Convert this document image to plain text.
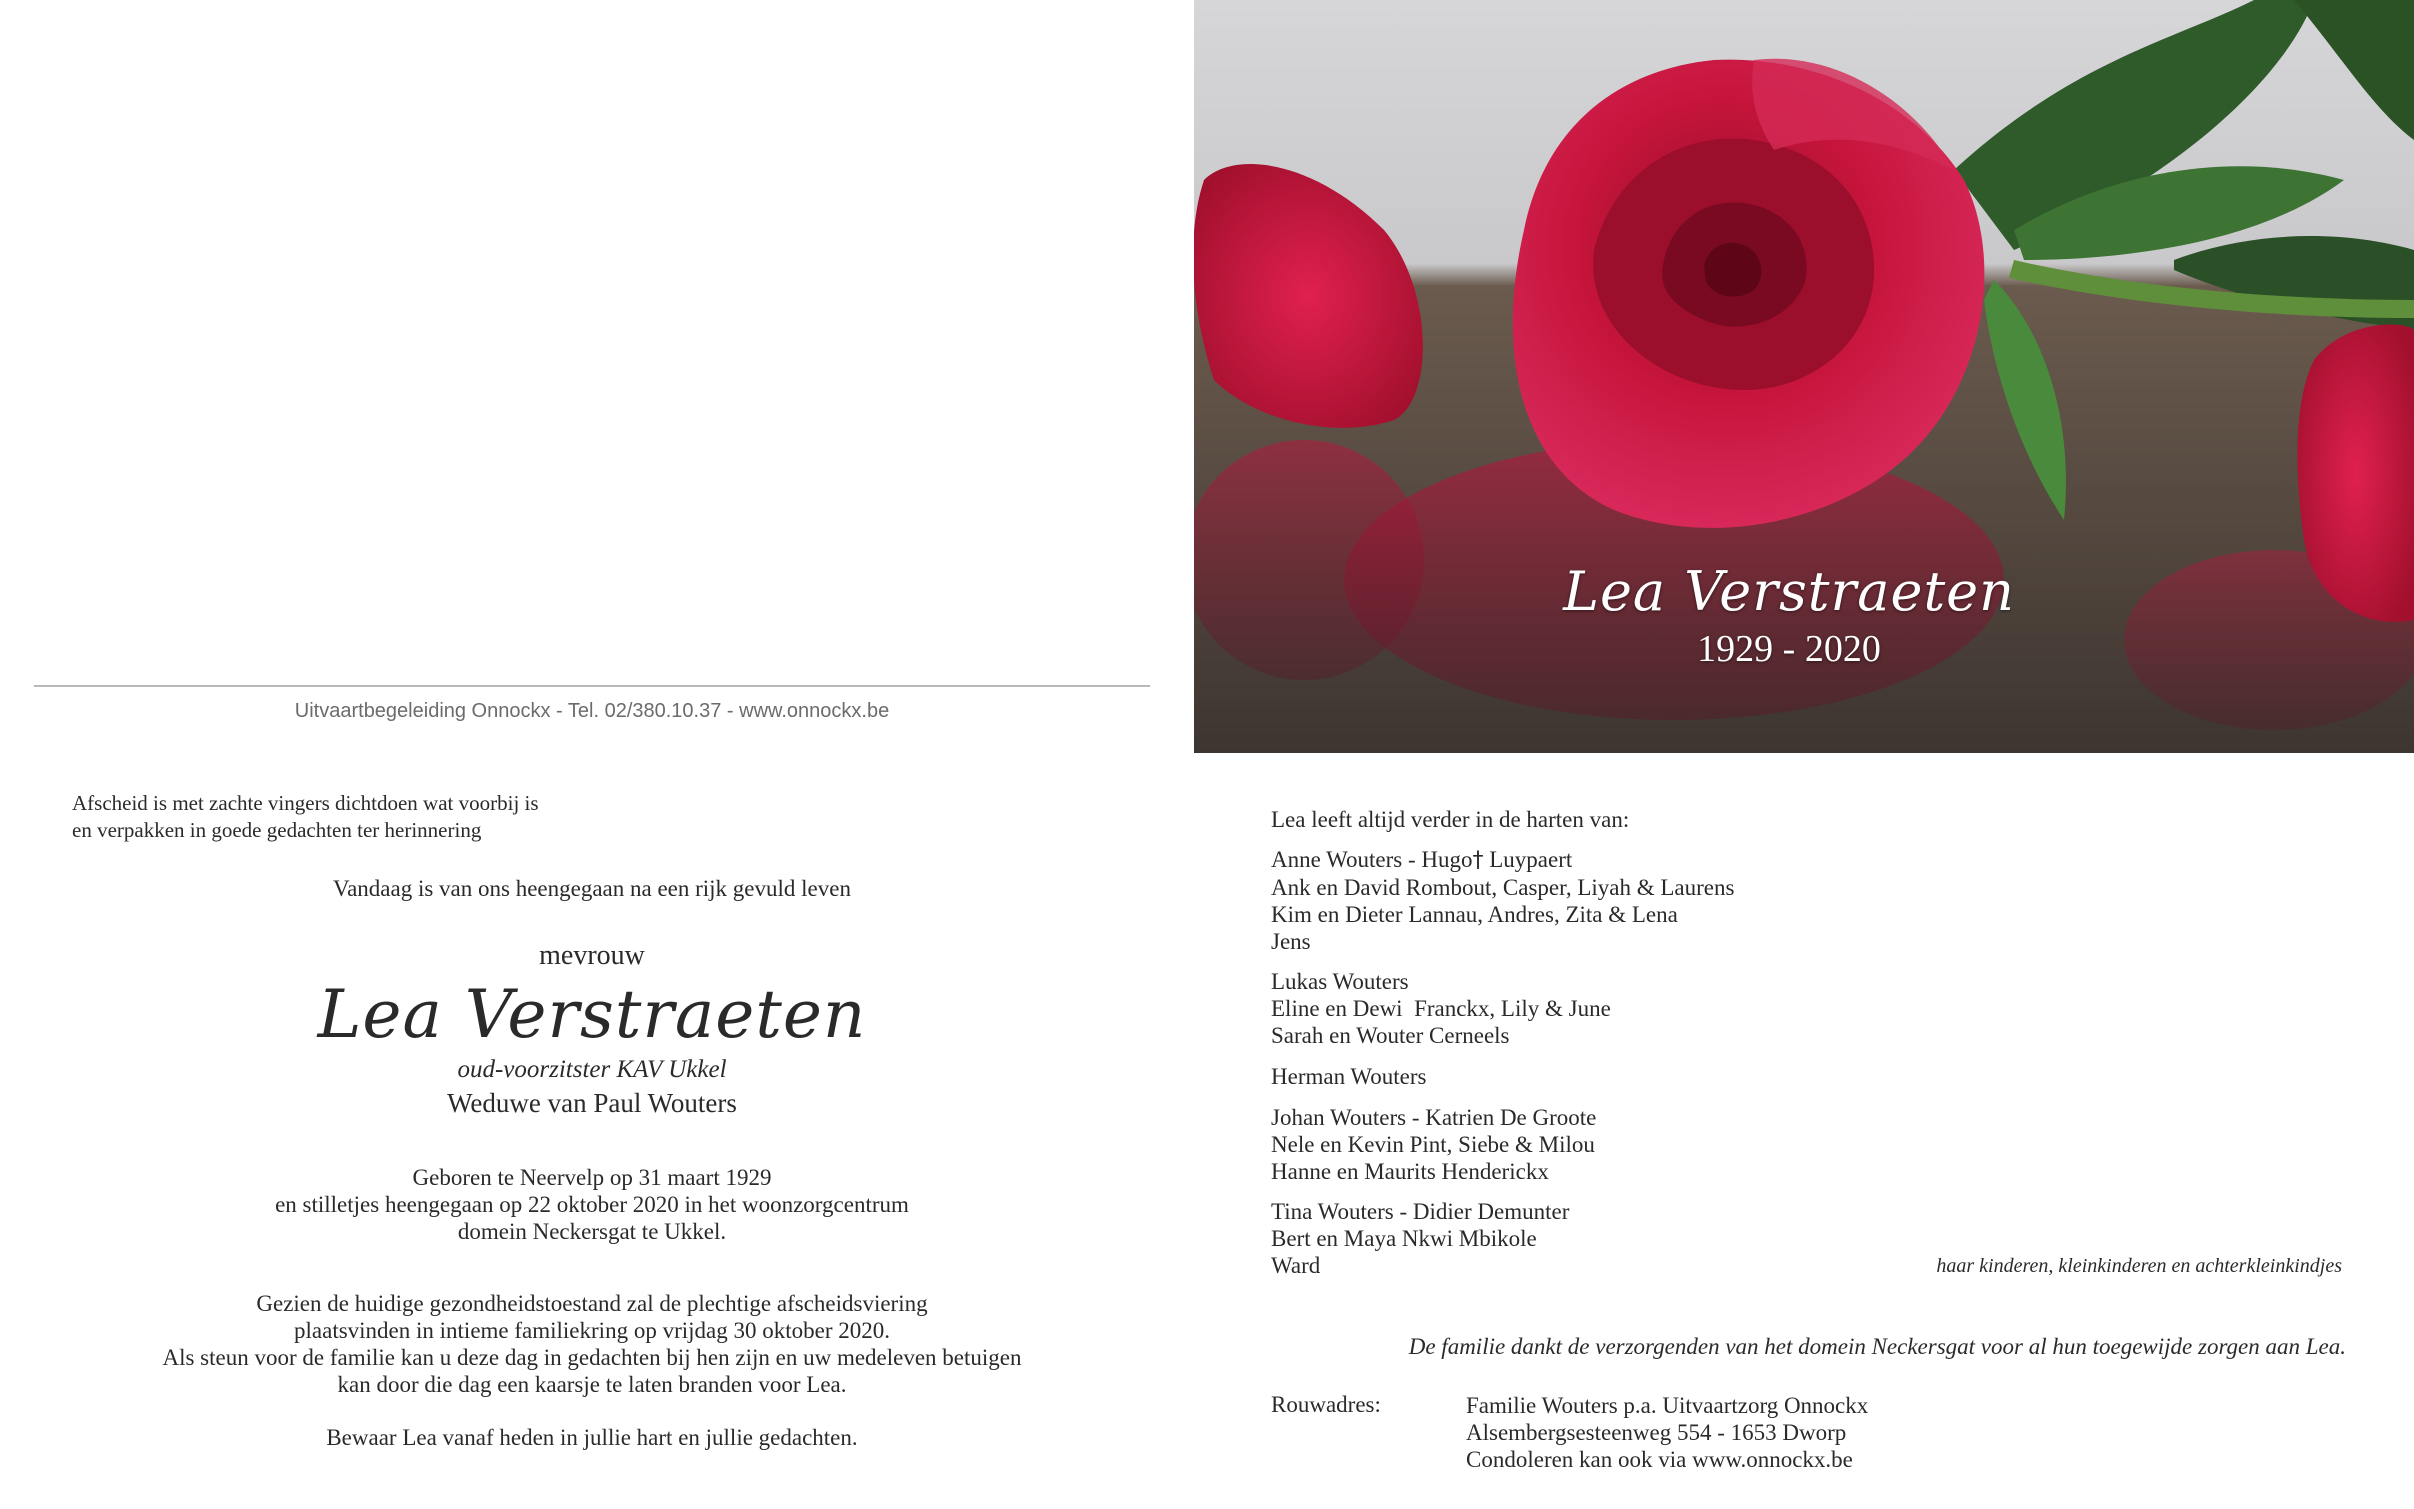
Uitvaartbegeleiding Onnockx - Tel. 02/380.10.37 - www.onnockx.be
Afscheid is met zachte vingers dichtdoen wat voorbij is
en verpakken in goede gedachten ter herinnering
Vandaag is van ons heengegaan na een rijk gevuld leven
mevrouw
Lea Verstraeten
oud-voorzitster KAV Ukkel
Weduwe van Paul Wouters
Geboren te Neervelp op 31 maart 1929
en stilletjes heengegaan op 22 oktober 2020 in het woonzorgcentrum
domein Neckersgat te Ukkel.
Gezien de huidige gezondheidstoestand zal de plechtige afscheidsviering
plaatsvinden in intieme familiekring op vrijdag 30 oktober 2020.
Als steun voor de familie kan u deze dag in gedachten bij hen zijn en uw medeleven betuigen
kan door die dag een kaarsje te laten branden voor Lea.
Bewaar Lea vanaf heden in jullie hart en jullie gedachten.
Lea Verstraeten
1929 - 2020
Lea leeft altijd verder in de harten van:
Anne Wouters - Hugo† Luypaert
Ank en David Rombout, Casper, Liyah & Laurens
Kim en Dieter Lannau, Andres, Zita & Lena
Jens
Lukas Wouters
Eline en Dewi  Franckx, Lily & June
Sarah en Wouter Cerneels
Herman Wouters
Johan Wouters - Katrien De Groote
Nele en Kevin Pint, Siebe & Milou
Hanne en Maurits Henderickx
Tina Wouters - Didier Demunter
Bert en Maya Nkwi Mbikole
Ward	haar kinderen, kleinkinderen en achterkleinkindjes
De familie dankt de verzorgenden van het domein Neckersgat voor al hun toegewijde zorgen aan Lea.
Rouwadres:	Familie Wouters p.a. Uitvaartzorg Onnockx
Alsembergsesteenweg 554 - 1653 Dworp
Condoleren kan ook via www.onnockx.be
